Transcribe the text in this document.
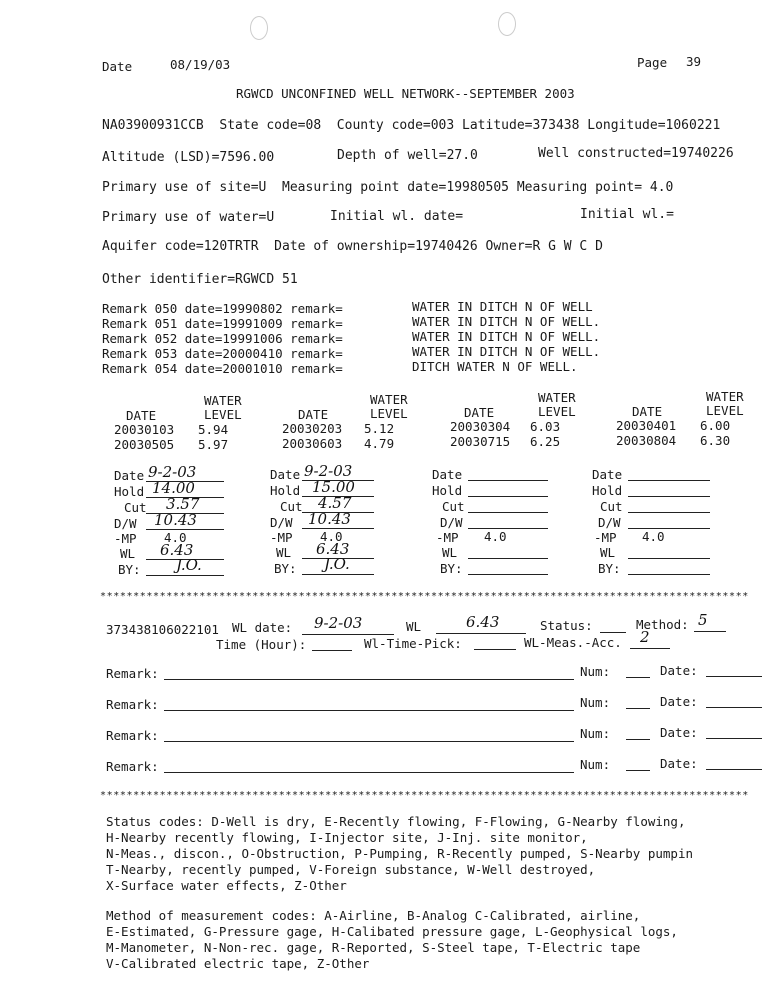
Date	08/19/03	Page 39
RGWCD UNCONFINED WELL NETWORK--SEPTEMBER 2003
NA03900931CCB  State code=08  County code=003 Latitude=373438 Longitude=1060221
Altitude (LSD)=7596.00	Depth of well=27.0	Well constructed=19740226
Primary use of site=U  Measuring point date=19980505 Measuring point= 4.0
Primary use of water=U	Initial wl. date=	Initial wl.=
Aquifer code=120TRTR  Date of ownership=19740426 Owner=R G W C D
Other identifier=RGWCD 51
Remark 050 date=19990802 remark=	WATER IN DITCH N OF WELL
Remark 051 date=19991009 remark=	WATER IN DITCH N OF WELL.
Remark 052 date=19991006 remark=	WATER IN DITCH N OF WELL.
Remark 053 date=20000410 remark=	WATER IN DITCH N OF WELL.
Remark 054 date=20001010 remark=	DITCH WATER N OF WELL.
WATER
DATE	LEVEL
20030103 5.94
20030505 5.97
WATER
DATE	LEVEL
20030203 5.12
20030603 4.79
WATER
DATE	LEVEL
20030304 6.03
20030715 6.25
WATER
DATE	LEVEL
20030401 6.00
20030804 6.30
Date 9-2-03
Hold 14.00
Cut 3.57
D/W 10.43
-MP 4.0
WL 6.43
BY: J.O.
Date 9-2-03
Hold 15.00
Cut 4.57
D/W 10.43
-MP 4.0
WL 6.43
BY: J.O.
Date
Hold
Cut
D/W
-MP 4.0
WL
BY:
Date
Hold
Cut
D/W
-MP 4.0
WL
BY:
**************************************************************************************************
373438106022101 WL date: 9-2-03	WL	6.43	Status:	Method: 5
Time (Hour):	Wl-Time-Pick:	WL-Meas.-Acc. 2
Remark:	Num:	Date:
Remark:	Num:	Date:
Remark:	Num:	Date:
Remark:	Num:	Date:
**************************************************************************************************
Status codes: D-Well is dry, E-Recently flowing, F-Flowing, G-Nearby flowing,
H-Nearby recently flowing, I-Injector site, J-Inj. site monitor,
N-Meas., discon., O-Obstruction, P-Pumping, R-Recently pumped, S-Nearby pumpin
T-Nearby, recently pumped, V-Foreign substance, W-Well destroyed,
X-Surface water effects, Z-Other
Method of measurement codes: A-Airline, B-Analog C-Calibrated, airline,
E-Estimated, G-Pressure gage, H-Calibated pressure gage, L-Geophysical logs,
M-Manometer, N-Non-rec. gage, R-Reported, S-Steel tape, T-Electric tape
V-Calibrated electric tape, Z-Other
